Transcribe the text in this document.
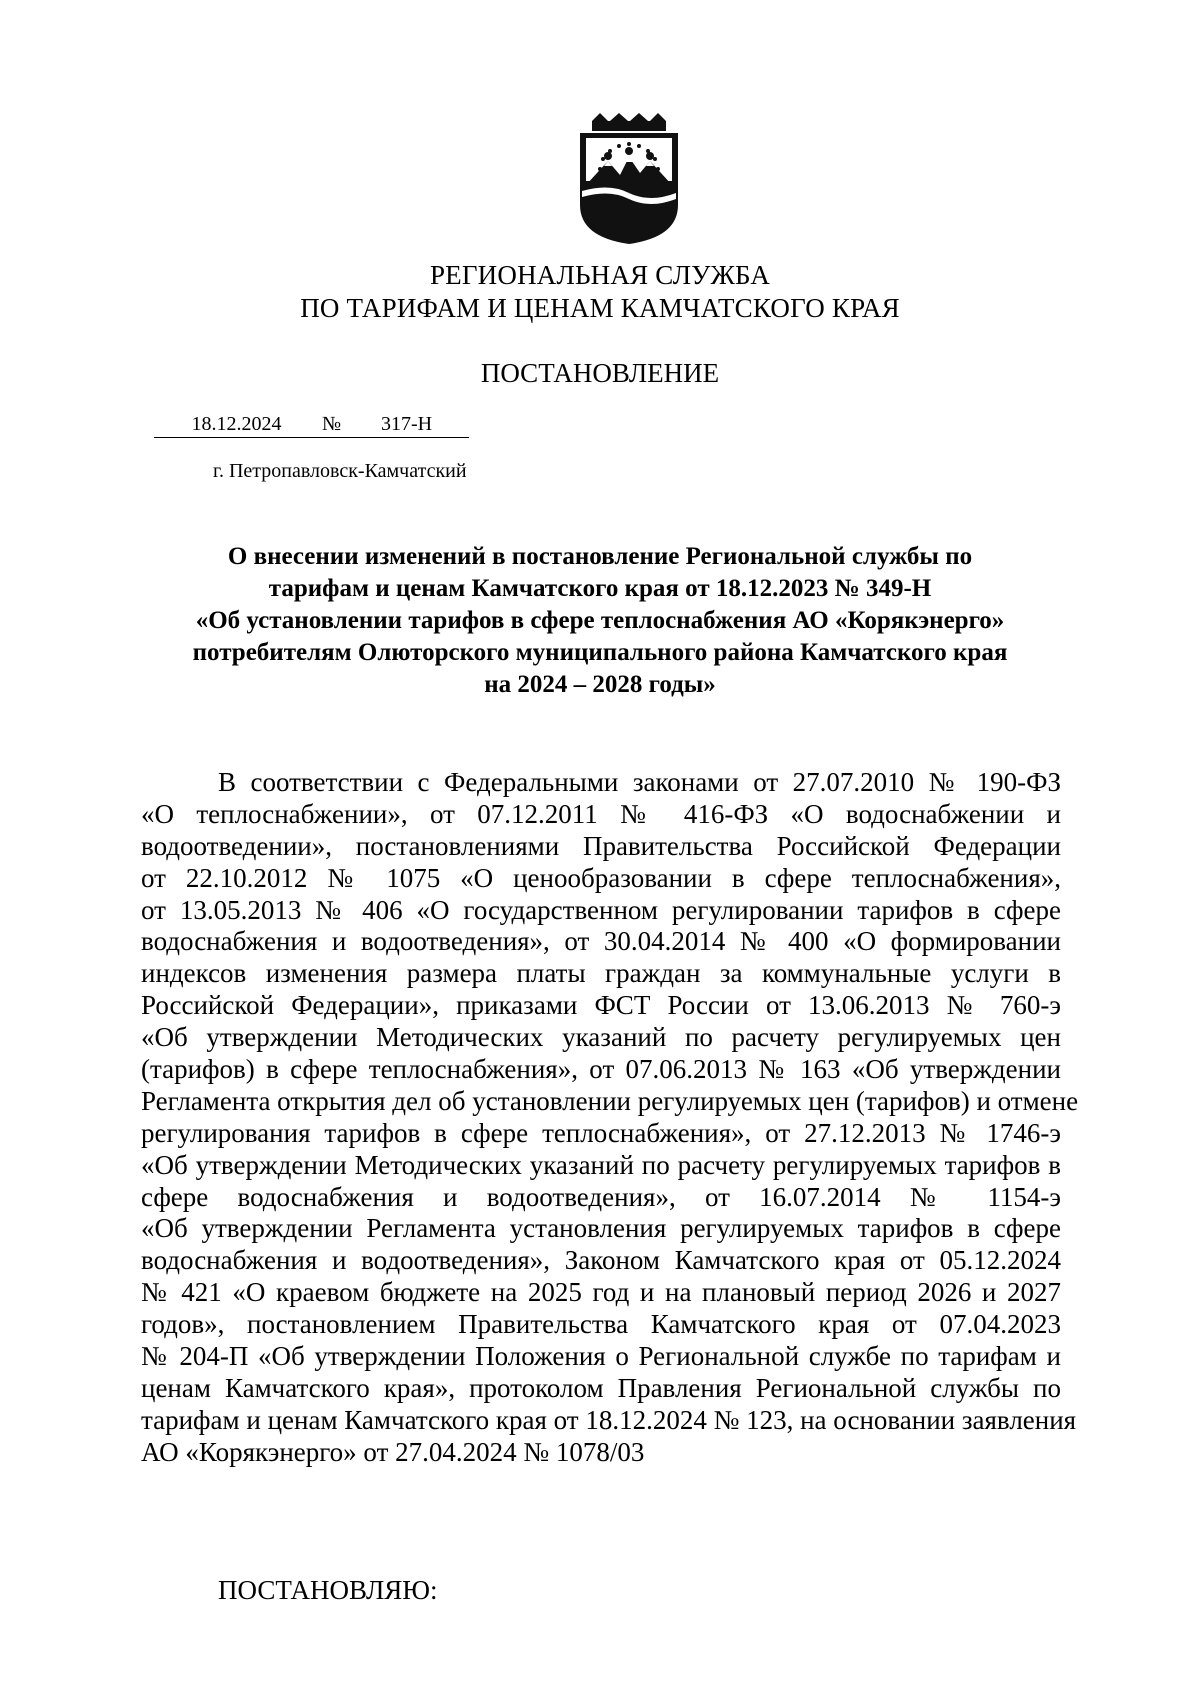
РЕГИОНАЛЬНАЯ СЛУЖБА
ПО ТАРИФАМ И ЦЕНАМ КАМЧАТСКОГО КРАЯ
ПОСТАНОВЛЕНИЕ
18.12.2024 № 317-Н
г. Петропавловск-Камчатский
О внесении изменений в постановление Региональной службы по
тарифам и ценам Камчатского края от 18.12.2023 № 349-Н
«Об установлении тарифов в сфере теплоснабжения АО «Корякэнерго»
потребителям Олюторского муниципального района Камчатского края
на 2024 – 2028 годы»
В соответствии с Федеральными законами от 27.07.2010 № 190-ФЗ
«О теплоснабжении», от 07.12.2011 № 416-ФЗ «О водоснабжении и
водоотведении», постановлениями Правительства Российской Федерации
от 22.10.2012 № 1075 «О ценообразовании в сфере теплоснабжения»,
от 13.05.2013 № 406 «О государственном регулировании тарифов в сфере
водоснабжения и водоотведения», от 30.04.2014 № 400 «О формировании
индексов изменения размера платы граждан за коммунальные услуги в
Российской Федерации», приказами ФСТ России от 13.06.2013 № 760-э
«Об утверждении Методических указаний по расчету регулируемых цен
(тарифов) в сфере теплоснабжения», от 07.06.2013 № 163 «Об утверждении
Регламента открытия дел об установлении регулируемых цен (тарифов) и отмене
регулирования тарифов в сфере теплоснабжения», от 27.12.2013 № 1746-э
«Об утверждении Методических указаний по расчету регулируемых тарифов в
сфере водоснабжения и водоотведения», от 16.07.2014 № 1154-э
«Об утверждении Регламента установления регулируемых тарифов в сфере
водоснабжения и водоотведения», Законом Камчатского края от 05.12.2024
№ 421 «О краевом бюджете на 2025 год и на плановый период 2026 и 2027
годов», постановлением Правительства Камчатского края от 07.04.2023
№ 204-П «Об утверждении Положения о Региональной службе по тарифам и
ценам Камчатского края», протоколом Правления Региональной службы по
тарифам и ценам Камчатского края от 18.12.2024 № 123, на основании заявления
АО «Корякэнерго» от 27.04.2024 № 1078/03
ПОСТАНОВЛЯЮ:
